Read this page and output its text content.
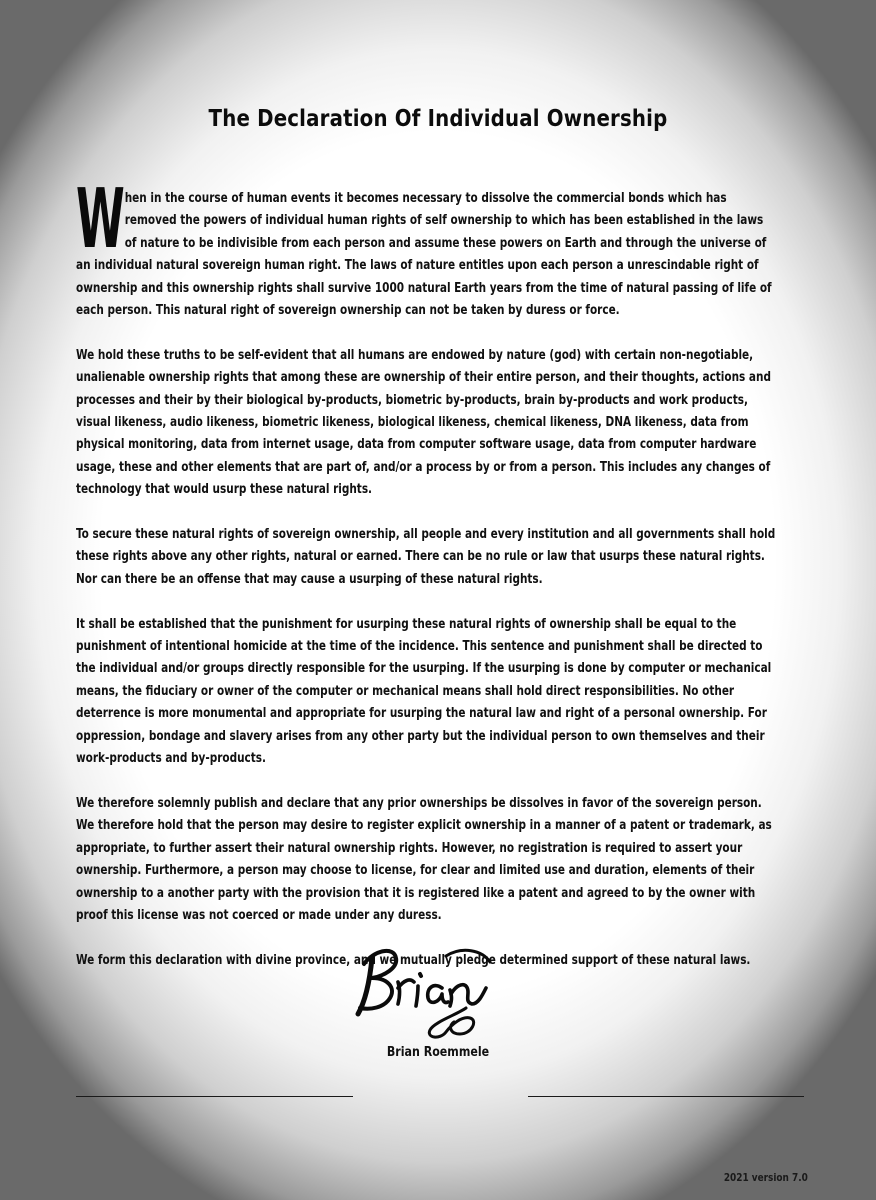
The Declaration Of Individual Ownership

When in the course of human events it becomes necessary to dissolve the commercial bonds which has removed the powers of individual human rights of self ownership to which has been established in the laws of nature to be indivisible from each person and assume these powers on Earth and through the universe of an individual natural sovereign human right. The laws of nature entitles upon each person a unrescindable right of ownership and this ownership rights shall survive 1000 natural Earth years from the time of natural passing of life of each person. This natural right of sovereign ownership can not be taken by duress or force.

We hold these truths to be self-evident that all humans are endowed by nature (god) with certain non-negotiable, unalienable ownership rights that among these are ownership of their entire person, and their thoughts, actions and processes and their by their biological by-products, biometric by-products, brain by-products and work products, visual likeness, audio likeness, biometric likeness, biological likeness, chemical likeness, DNA likeness, data from physical monitoring, data from internet usage, data from computer software usage, data from computer hardware usage, these and other elements that are part of, and/or a process by or from a person. This includes any changes of technology that would usurp these natural rights.

To secure these natural rights of sovereign ownership, all people and every institution and all governments shall hold these rights above any other rights, natural or earned. There can be no rule or law that usurps these natural rights. Nor can there be an offense that may cause a usurping of these natural rights.

It shall be established that the punishment for usurping these natural rights of ownership shall be equal to the punishment of intentional homicide at the time of the incidence. This sentence and punishment shall be directed to the individual and/or groups directly responsible for the usurping. If the usurping is done by computer or mechanical means, the fiduciary or owner of the computer or mechanical means shall hold direct responsibilities. No other deterrence is more monumental and appropriate for usurping the natural law and right of a personal ownership. For oppression, bondage and slavery arises from any other party but the individual person to own themselves and their work-products and by-products.

We therefore solemnly publish and declare that any prior ownerships be dissolves in favor of the sovereign person. We therefore hold that the person may desire to register explicit ownership in a manner of a patent or trademark, as appropriate, to further assert their natural ownership rights. However, no registration is required to assert your ownership. Furthermore, a person may choose to license, for clear and limited use and duration, elements of their ownership to a another party with the provision that it is registered like a patent and agreed to by the owner with proof this license was not coerced or made under any duress.

We form this declaration with divine province, and we mutually pledge determined support of these natural laws.

Brian Roemmele
2021 version 7.0
